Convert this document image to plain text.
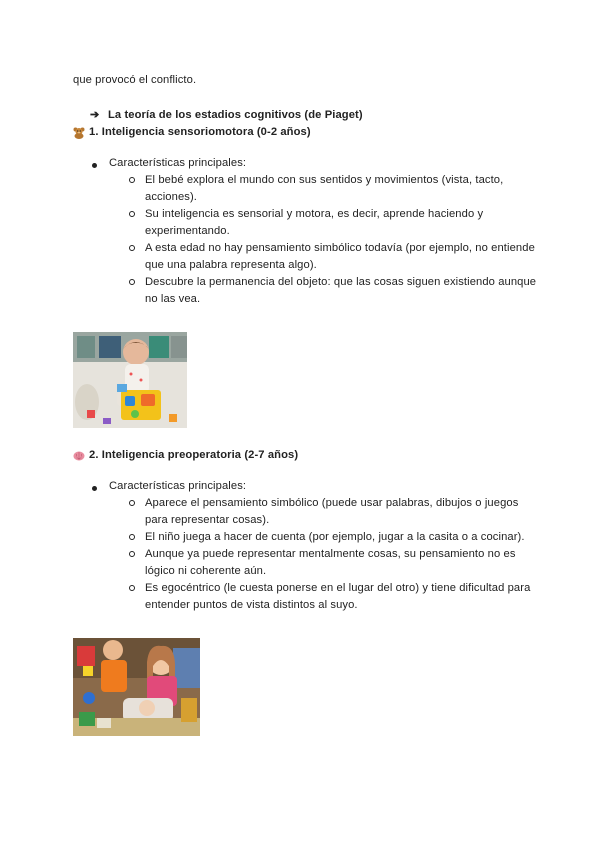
que provocó el conflicto.
➔ La teoría de los estadios cognitivos (de Piaget)
1. Inteligencia sensoriomotora (0-2 años)
Características principales:
El bebé explora el mundo con sus sentidos y movimientos (vista, tacto,
acciones).
Su inteligencia es sensorial y motora, es decir, aprende haciendo y
experimentando.
A esta edad no hay pensamiento simbólico todavía (por ejemplo, no entiende
que una palabra representa algo).
Descubre la permanencia del objeto: que las cosas siguen existiendo aunque
no las vea.
2. Inteligencia preoperatoria (2-7 años)
Características principales:
Aparece el pensamiento simbólico (puede usar palabras, dibujos o juegos
para representar cosas).
El niño juega a hacer de cuenta (por ejemplo, jugar a la casita o a cocinar).
Aunque ya puede representar mentalmente cosas, su pensamiento no es
lógico ni coherente aún.
Es egocéntrico (le cuesta ponerse en el lugar del otro) y tiene dificultad para
entender puntos de vista distintos al suyo.
